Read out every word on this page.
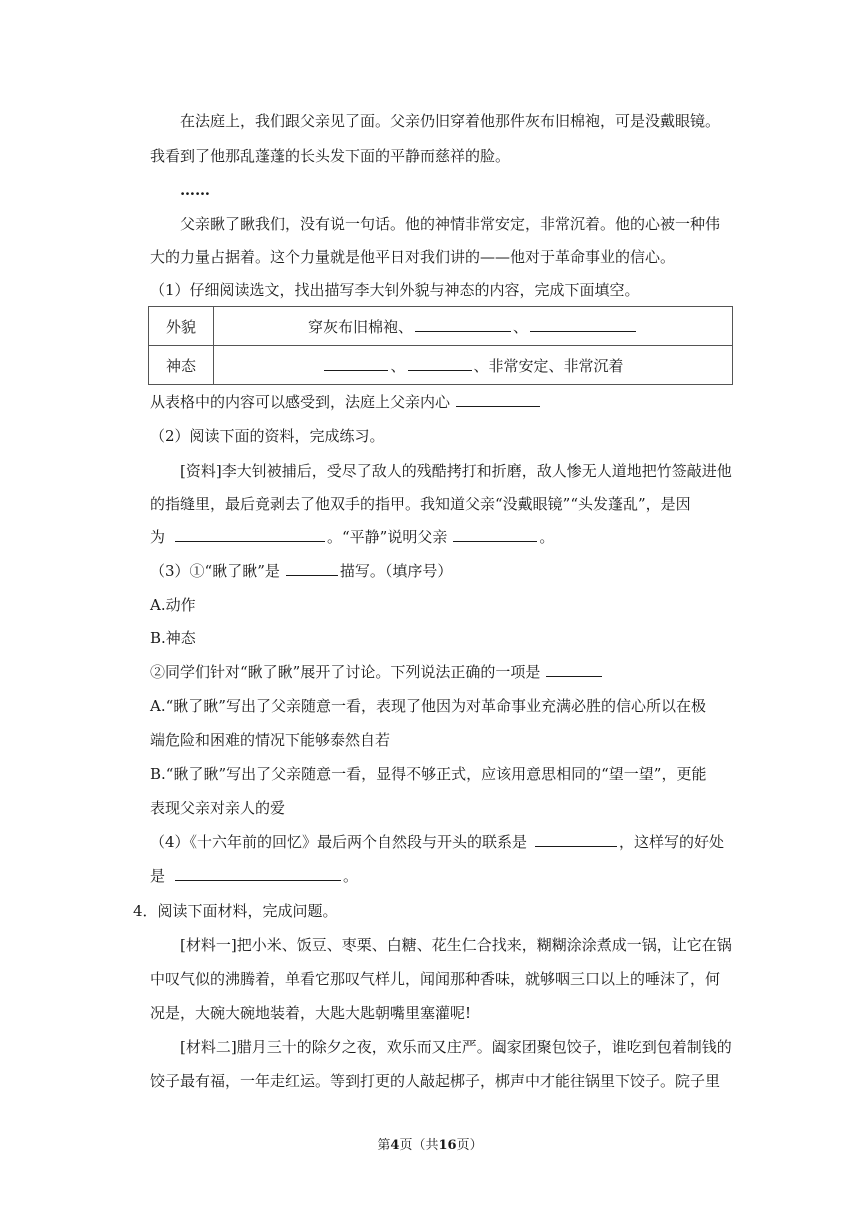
在法庭上，我们跟父亲见了面。父亲仍旧穿着他那件灰布旧棉袍，可是没戴眼镜。
我看到了他那乱蓬蓬的长头发下面的平静而慈祥的脸。
……
父亲瞅了瞅我们，没有说一句话。他的神情非常安定，非常沉着。他的心被一种伟
大的力量占据着。这个力量就是他平日对我们讲的——他对于革命事业的信心。
（1）仔细阅读选文，找出描写李大钊外貌与神态的内容，完成下面填空。
外貌	穿灰布旧棉袍、 、
神态	、 、非常安定、非常沉着
从表格中的内容可以感受到，法庭上父亲内心
（2）阅读下面的资料，完成练习。
[资料]李大钊被捕后，受尽了敌人的残酷拷打和折磨，敌人惨无人道地把竹签敲进他
的指缝里，最后竟剥去了他双手的指甲。我知道父亲“没戴眼镜”“头发蓬乱”，是因
为	。“平静”说明父亲	。
（3）①“瞅了瞅”是	描写。（填序号）
A.动作
B.神态
②同学们针对“瞅了瞅”展开了讨论。下列说法正确的一项是
A.“瞅了瞅”写出了父亲随意一看，表现了他因为对革命事业充满必胜的信心所以在极
端危险和困难的情况下能够泰然自若
B.“瞅了瞅”写出了父亲随意一看，显得不够正式，应该用意思相同的“望一望”，更能
表现父亲对亲人的爱
（4）《十六年前的回忆》最后两个自然段与开头的联系是	，这样写的好处
是	。
4．阅读下面材料，完成问题。
[材料一]把小米、饭豆、枣栗、白糖、花生仁合找来，糊糊涂涂煮成一锅，让它在锅
中叹气似的沸腾着，单看它那叹气样儿，闻闻那种香味，就够咽三口以上的唾沫了，何
况是，大碗大碗地装着，大匙大匙朝嘴里塞灌呢!
[材料二]腊月三十的除夕之夜，欢乐而又庄严。阖家团聚包饺子，谁吃到包着制钱的
饺子最有福，一年走红运。等到打更的人敲起梆子，梆声中才能往锅里下饺子。院子里
第4页（共16页）
